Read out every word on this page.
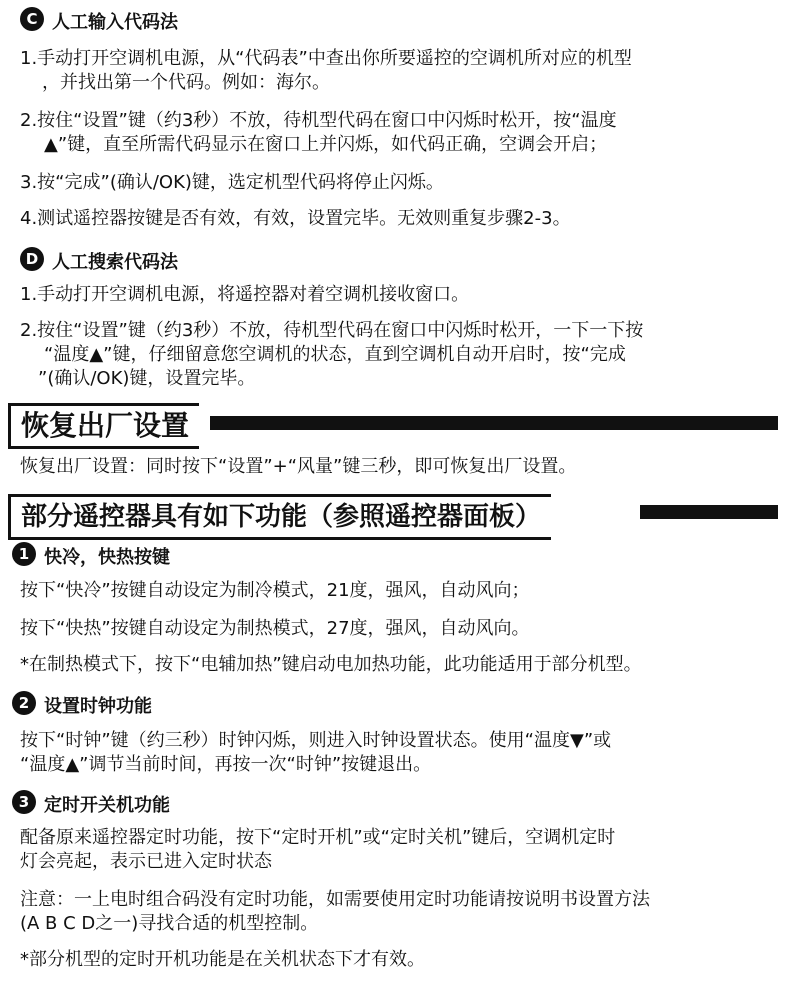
C 人工输入代码法
1.手动打开空调机电源，从“代码表”中查出你所要遥控的空调机所对应的机型
，并找出第一个代码。例如：海尔。
2.按住“设置”键（约3秒）不放，待机型代码在窗口中闪烁时松开，按“温度
▲”键，直至所需代码显示在窗口上并闪烁，如代码正确，空调会开启；
3.按“完成”(确认/OK)键，选定机型代码将停止闪烁。
4.测试遥控器按键是否有效，有效，设置完毕。无效则重复步骤2-3。
D 人工搜索代码法
1.手动打开空调机电源，将遥控器对着空调机接收窗口。
2.按住“设置”键（约3秒）不放，待机型代码在窗口中闪烁时松开，一下一下按
“温度▲”键，仔细留意您空调机的状态，直到空调机自动开启时，按“完成
”(确认/OK)键，设置完毕。
恢复出厂设置
恢复出厂设置：同时按下“设置”+“风量”键三秒，即可恢复出厂设置。
部分遥控器具有如下功能（参照遥控器面板）
1 快冷，快热按键
按下“快冷”按键自动设定为制冷模式，21度，强风，自动风向；
按下“快热”按键自动设定为制热模式，27度，强风，自动风向。
*在制热模式下，按下“电辅加热”键启动电加热功能，此功能适用于部分机型。
2 设置时钟功能
按下“时钟”键（约三秒）时钟闪烁，则进入时钟设置状态。使用“温度▼”或
“温度▲”调节当前时间，再按一次“时钟”按键退出。
3 定时开关机功能
配备原来遥控器定时功能，按下“定时开机”或“定时关机”键后，空调机定时
灯会亮起，表示已进入定时状态
注意：一上电时组合码没有定时功能，如需要使用定时功能请按说明书设置方法
(A B C D之一)寻找合适的机型控制。
*部分机型的定时开机功能是在关机状态下才有效。
